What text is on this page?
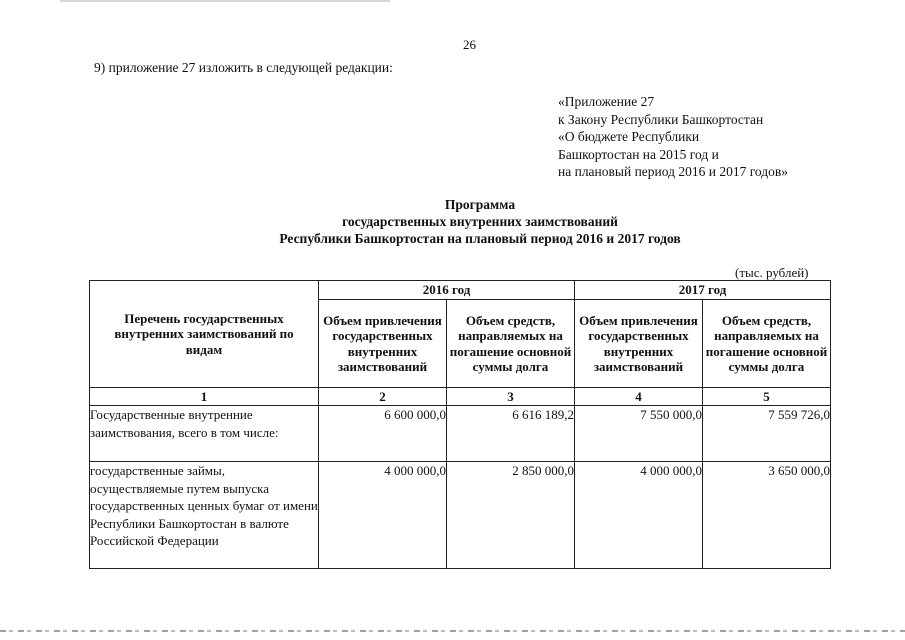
26
9) приложение 27 изложить в следующей редакции:
«Приложение 27
к Закону Республики Башкортостан
«О бюджете Республики
Башкортостан на 2015 год и
на плановый период 2016 и 2017 годов»
Программа
государственных внутренних заимствований
Республики Башкортостан на плановый период 2016 и 2017 годов
(тыс. рублей)
Перечень государственных внутренних заимствований по видам	2016 год		2017 год	
	Объем привлечения государственных внутренних заимствований	Объем средств, направляемых на погашение основной суммы долга	Объем привлечения государственных внутренних заимствований	Объем средств, направляемых на погашение основной суммы долга
1	2	3	4	5
Государственные внутренние заимствования, всего в том числе:	6 600 000,0	6 616 189,2	7 550 000,0	7 559 726,0
государственные займы, осуществляемые путем выпуска государственных ценных бумаг от имени Республики Башкортостан в валюте Российской Федерации	4 000 000,0	2 850 000,0	4 000 000,0	3 650 000,0
